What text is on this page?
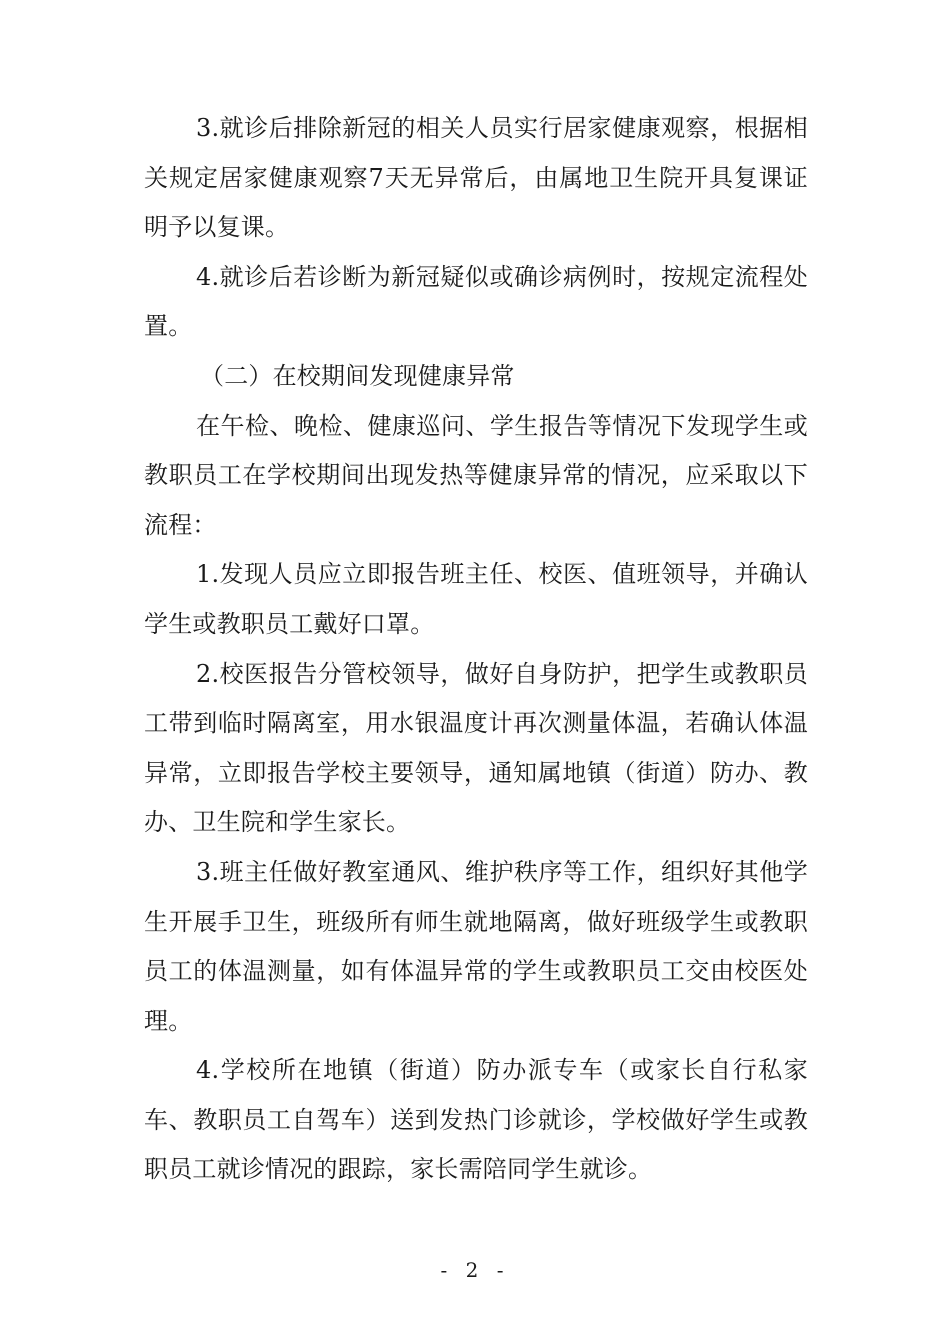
3.就诊后排除新冠的相关人员实行居家健康观察，根据相关规定居家健康观察7天无异常后，由属地卫生院开具复课证明予以复课。

4.就诊后若诊断为新冠疑似或确诊病例时，按规定流程处置。

（二）在校期间发现健康异常

在午检、晚检、健康巡问、学生报告等情况下发现学生或教职员工在学校期间出现发热等健康异常的情况，应采取以下流程：

1.发现人员应立即报告班主任、校医、值班领导，并确认学生或教职员工戴好口罩。

2.校医报告分管校领导，做好自身防护，把学生或教职员工带到临时隔离室，用水银温度计再次测量体温，若确认体温异常，立即报告学校主要领导，通知属地镇（街道）防办、教办、卫生院和学生家长。

3.班主任做好教室通风、维护秩序等工作，组织好其他学生开展手卫生，班级所有师生就地隔离，做好班级学生或教职员工的体温测量，如有体温异常的学生或教职员工交由校医处理。

4.学校所在地镇（街道）防办派专车（或家长自行私家车、教职员工自驾车）送到发热门诊就诊，学校做好学生或教职员工就诊情况的跟踪，家长需陪同学生就诊。

- 2 -
